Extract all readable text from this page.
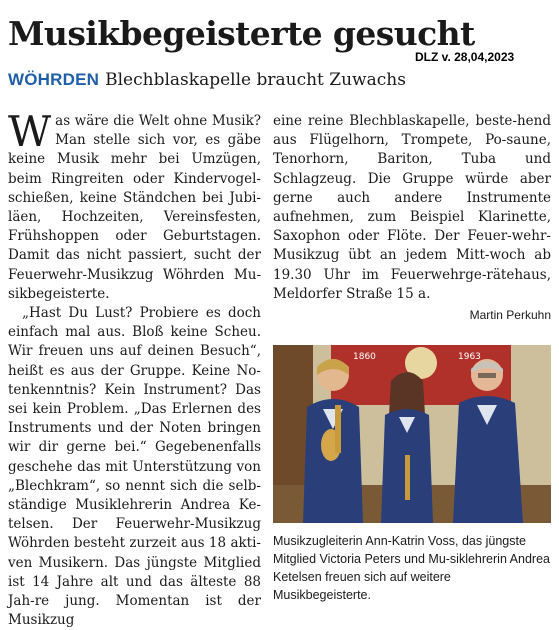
Musikbegeisterte gesucht
DLZ v. 28,04,2023
WÖHRDEN Blechblaskapelle braucht Zuwachs

Was wäre die Welt ohne Musik? Man stelle sich vor, es gäbe keine Musik mehr bei Umzügen, beim Ringreiten oder Kindervogel-schießen, keine Ständchen bei Jubi-läen, Hochzeiten, Vereinsfesten, Frühshoppen oder Geburtstagen. Damit das nicht passiert, sucht der Feuerwehr-Musikzug Wöhrden Mu-sikbegeisterte.

„Hast Du Lust? Probiere es doch einfach mal aus. Bloß keine Scheu. Wir freuen uns auf deinen Besuch“, heißt es aus der Gruppe. Keine No-tenkenntnis? Kein Instrument? Das sei kein Problem. „Das Erlernen des Instruments und der Noten bringen wir dir gerne bei.“ Gegebenenfalls geschehe das mit Unterstützung von „Blechkram“, so nennt sich die selb-ständige Musiklehrerin Andrea Ke-telsen. Der Feuerwehr-Musikzug Wöhrden besteht zurzeit aus 18 akti-ven Musikern. Das jüngste Mitglied ist 14 Jahre alt und das älteste 88 Jah-re jung. Momentan ist der Musikzug

eine reine Blechblaskapelle, beste-hend aus Flügelhorn, Trompete, Po-saune, Tenorhorn, Bariton, Tuba und Schlagzeug. Die Gruppe würde aber gerne auch andere Instrumente aufnehmen, zum Beispiel Klarinette, Saxophon oder Flöte. Der Feuer-wehr-Musikzug übt an jedem Mitt-woch ab 19.30 Uhr im Feuerwehrge-rätehaus, Meldorfer Straße 15 a.

Martin Perkuhn

1860	1963
Musikzugleiterin Ann-Katrin Voss, das jüngste Mitglied Victoria Peters und Mu-siklehrerin Andrea Ketelsen freuen sich auf weitere Musikbegeisterte.
